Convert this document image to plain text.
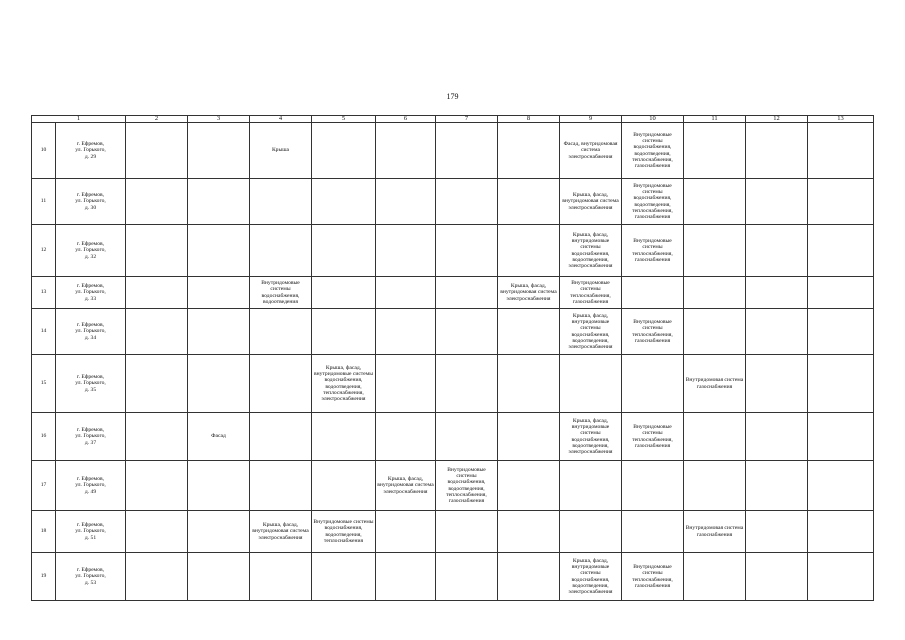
179
1		2	3	4	5	6	7	8	9	10	11	12	13
10	г. Ефремов,
ул. Горького,
д. 29			Крыша					Фасад, внутридомовая система электроснабжения	Внутридомовые системы водоснабжения, водоотведения, теплоснабжения, газоснабжения			
11	г. Ефремов,
ул. Горького,
д. 30								Крыша, фасад, внутридомовая система электроснабжения	Внутридомовые системы водоснабжения, водоотведения, теплоснабжения, газоснабжения			
12	г. Ефремов,
ул. Горького,
д. 32								Крыша, фасад, внутридомовые системы водоснабжения, водоотведения, электроснабжения	Внутридомовые системы теплоснабжения, газоснабжения			
13	г. Ефремов,
ул. Горького,
д. 33			Внутридомовые системы водоснабжения, водоотведения				Крыша, фасад, внутридомовая система электроснабжения	Внутридомовые системы теплоснабжения, газоснабжения				
14	г. Ефремов,
ул. Горького,
д. 34								Крыша, фасад, внутридомовые системы водоснабжения, водоотведения, электроснабжения	Внутридомовые системы теплоснабжения, газоснабжения			
15	г. Ефремов,
ул. Горького,
д. 35				Крыша, фасад, внутридомовые системы водоснабжения, водоотведения, теплоснабжения, электроснабжения						Внутридомовая система газоснабжения		
16	г. Ефремов,
ул. Горького,
д. 37		Фасад						Крыша, фасад, внутридомовые системы водоснабжения, водоотведения, электроснабжения	Внутридомовые системы теплоснабжения, газоснабжения			
17	г. Ефремов,
ул. Горького,
д. 49					Крыша, фасад, внутридомовая система электроснабжения	Внутридомовые системы водоснабжения, водоотведения, теплоснабжения, газоснабжения						
18	г. Ефремов,
ул. Горького,
д. 51			Крыша, фасад, внутридомовая система электроснабжения	Внутридомовые системы водоснабжения, водоотведения, теплоснабжения						Внутридомовая система газоснабжения		
19	г. Ефремов,
ул. Горького,
д. 53								Крыша, фасад, внутридомовые системы водоснабжения, водоотведения, электроснабжения	Внутридомовые системы теплоснабжения, газоснабжения			
